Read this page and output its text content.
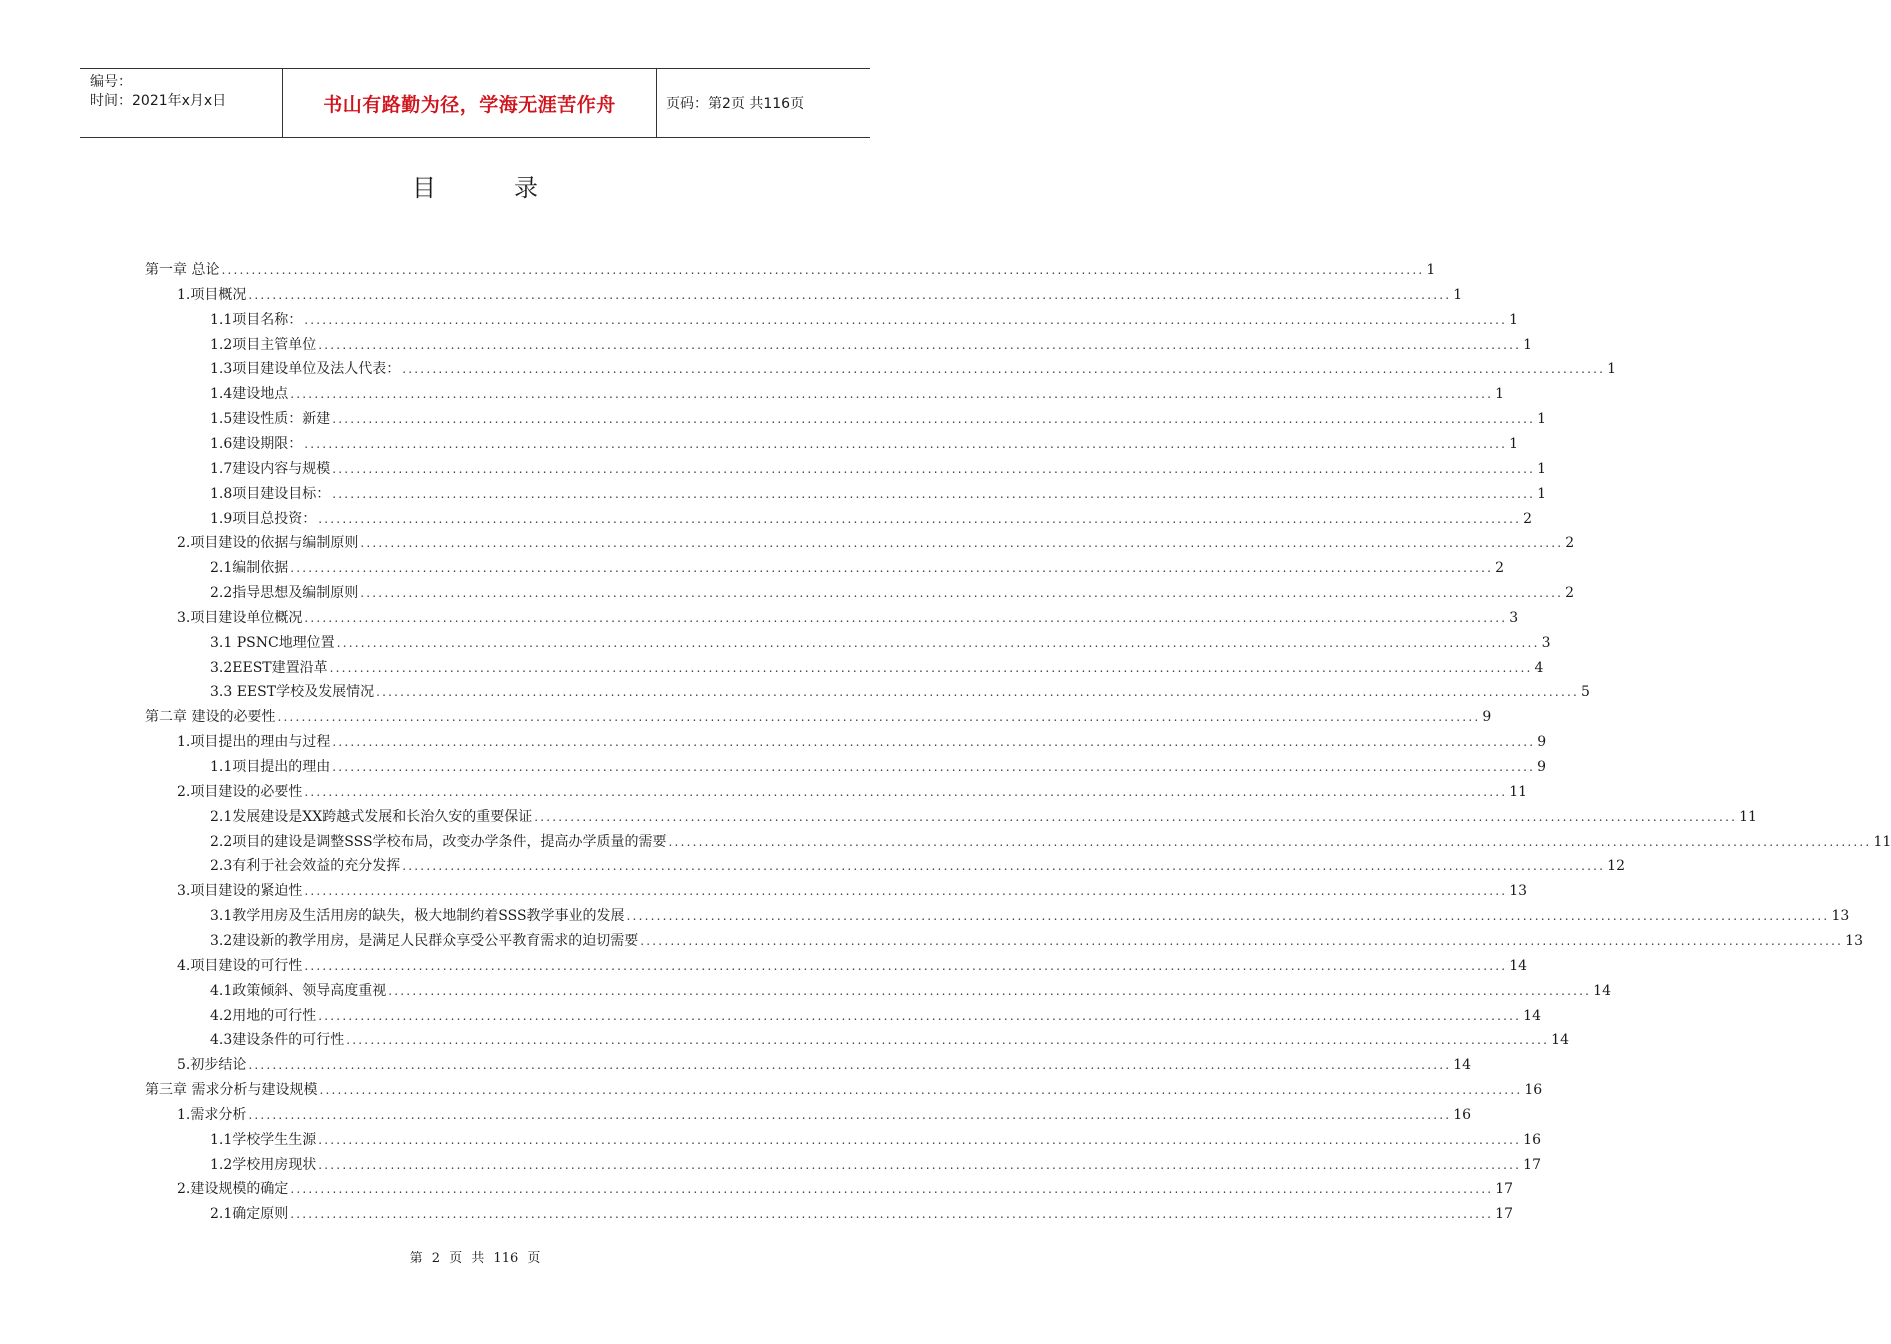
编号：
时间：2021年x月x日	书山有路勤为径，学海无涯苦作舟	页码：第2页 共116页
目	录
第一章 总论 ........................................................................................................................................................................................................ 1
1.项目概况 ........................................................................................................................................................................................................ 1
1.1项目名称： ........................................................................................................................................................................................................ 1
1.2项目主管单位 ........................................................................................................................................................................................................ 1
1.3项目建设单位及法人代表： ........................................................................................................................................................................................................ 1
1.4建设地点 ........................................................................................................................................................................................................ 1
1.5建设性质：新建 ........................................................................................................................................................................................................ 1
1.6建设期限： ........................................................................................................................................................................................................ 1
1.7建设内容与规模 ........................................................................................................................................................................................................ 1
1.8项目建设目标： ........................................................................................................................................................................................................ 1
1.9项目总投资： ........................................................................................................................................................................................................ 2
2.项目建设的依据与编制原则 ........................................................................................................................................................................................................ 2
2.1编制依据 ........................................................................................................................................................................................................ 2
2.2指导思想及编制原则 ........................................................................................................................................................................................................ 2
3.项目建设单位概况 ........................................................................................................................................................................................................ 3
3.1 PSNC地理位置 ........................................................................................................................................................................................................ 3
3.2EEST建置沿革 ........................................................................................................................................................................................................ 4
3.3 EEST学校及发展情况 ........................................................................................................................................................................................................ 5
第二章 建设的必要性 ........................................................................................................................................................................................................ 9
1.项目提出的理由与过程 ........................................................................................................................................................................................................ 9
1.1项目提出的理由 ........................................................................................................................................................................................................ 9
2.项目建设的必要性 ........................................................................................................................................................................................................ 11
2.1发展建设是XX跨越式发展和长治久安的重要保证 ........................................................................................................................................................................................................ 11
2.2项目的建设是调整SSS学校布局，改变办学条件，提高办学质量的需要 ........................................................................................................................................................................................................ 11
2.3有利于社会效益的充分发挥 ........................................................................................................................................................................................................ 12
3.项目建设的紧迫性 ........................................................................................................................................................................................................ 13
3.1教学用房及生活用房的缺失，极大地制约着SSS教学事业的发展 ........................................................................................................................................................................................................ 13
3.2建设新的教学用房，是满足人民群众享受公平教育需求的迫切需要 ........................................................................................................................................................................................................ 13
4.项目建设的可行性 ........................................................................................................................................................................................................ 14
4.1政策倾斜、领导高度重视 ........................................................................................................................................................................................................ 14
4.2用地的可行性 ........................................................................................................................................................................................................ 14
4.3建设条件的可行性 ........................................................................................................................................................................................................ 14
5.初步结论 ........................................................................................................................................................................................................ 14
第三章 需求分析与建设规模 ........................................................................................................................................................................................................ 16
1.需求分析 ........................................................................................................................................................................................................ 16
1.1学校学生生源 ........................................................................................................................................................................................................ 16
1.2学校用房现状 ........................................................................................................................................................................................................ 17
2.建设规模的确定 ........................................................................................................................................................................................................ 17
2.1确定原则 ........................................................................................................................................................................................................ 17
第 2 页 共 116 页
